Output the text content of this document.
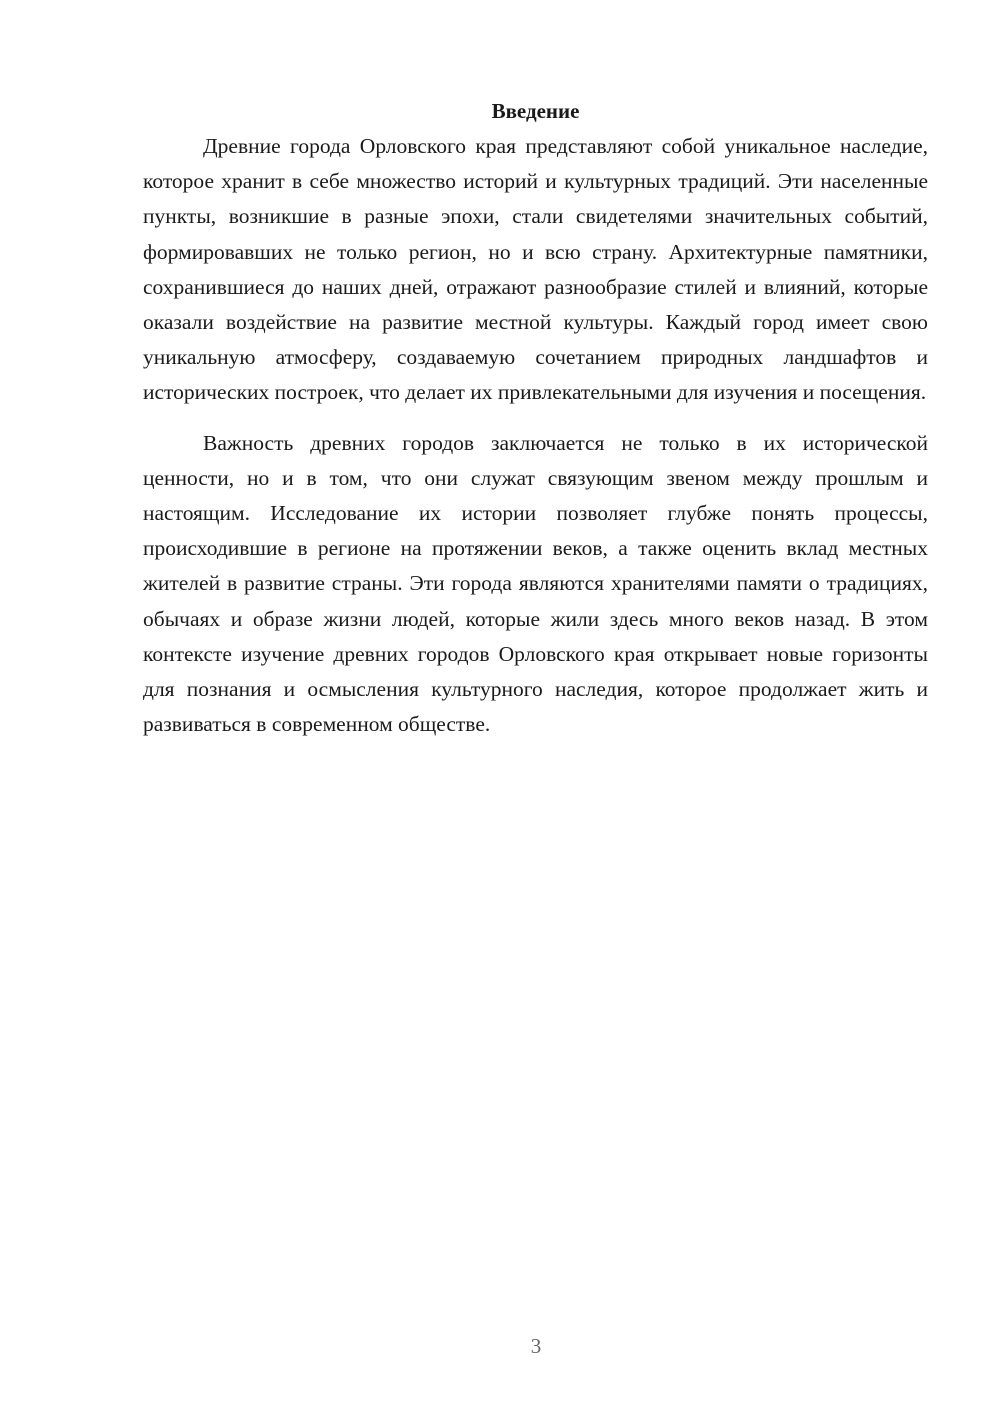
Введение

Древние города Орловского края представляют собой уникальное наследие, которое хранит в себе множество историй и культурных традиций. Эти населенные пункты, возникшие в разные эпохи, стали свидетелями значительных событий, формировавших не только регион, но и всю страну. Архитектурные памятники, сохранившиеся до наших дней, отражают разнообразие стилей и влияний, которые оказали воздействие на развитие местной культуры. Каждый город имеет свою уникальную атмосферу, создаваемую сочетанием природных ландшафтов и исторических построек, что делает их привлекательными для изучения и посещения.

Важность древних городов заключается не только в их исторической ценности, но и в том, что они служат связующим звеном между прошлым и настоящим. Исследование их истории позволяет глубже понять процессы, происходившие в регионе на протяжении веков, а также оценить вклад местных жителей в развитие страны. Эти города являются хранителями памяти о традициях, обычаях и образе жизни людей, которые жили здесь много веков назад. В этом контексте изучение древних городов Орловского края открывает новые горизонты для познания и осмысления культурного наследия, которое продолжает жить и развиваться в современном обществе.

3
